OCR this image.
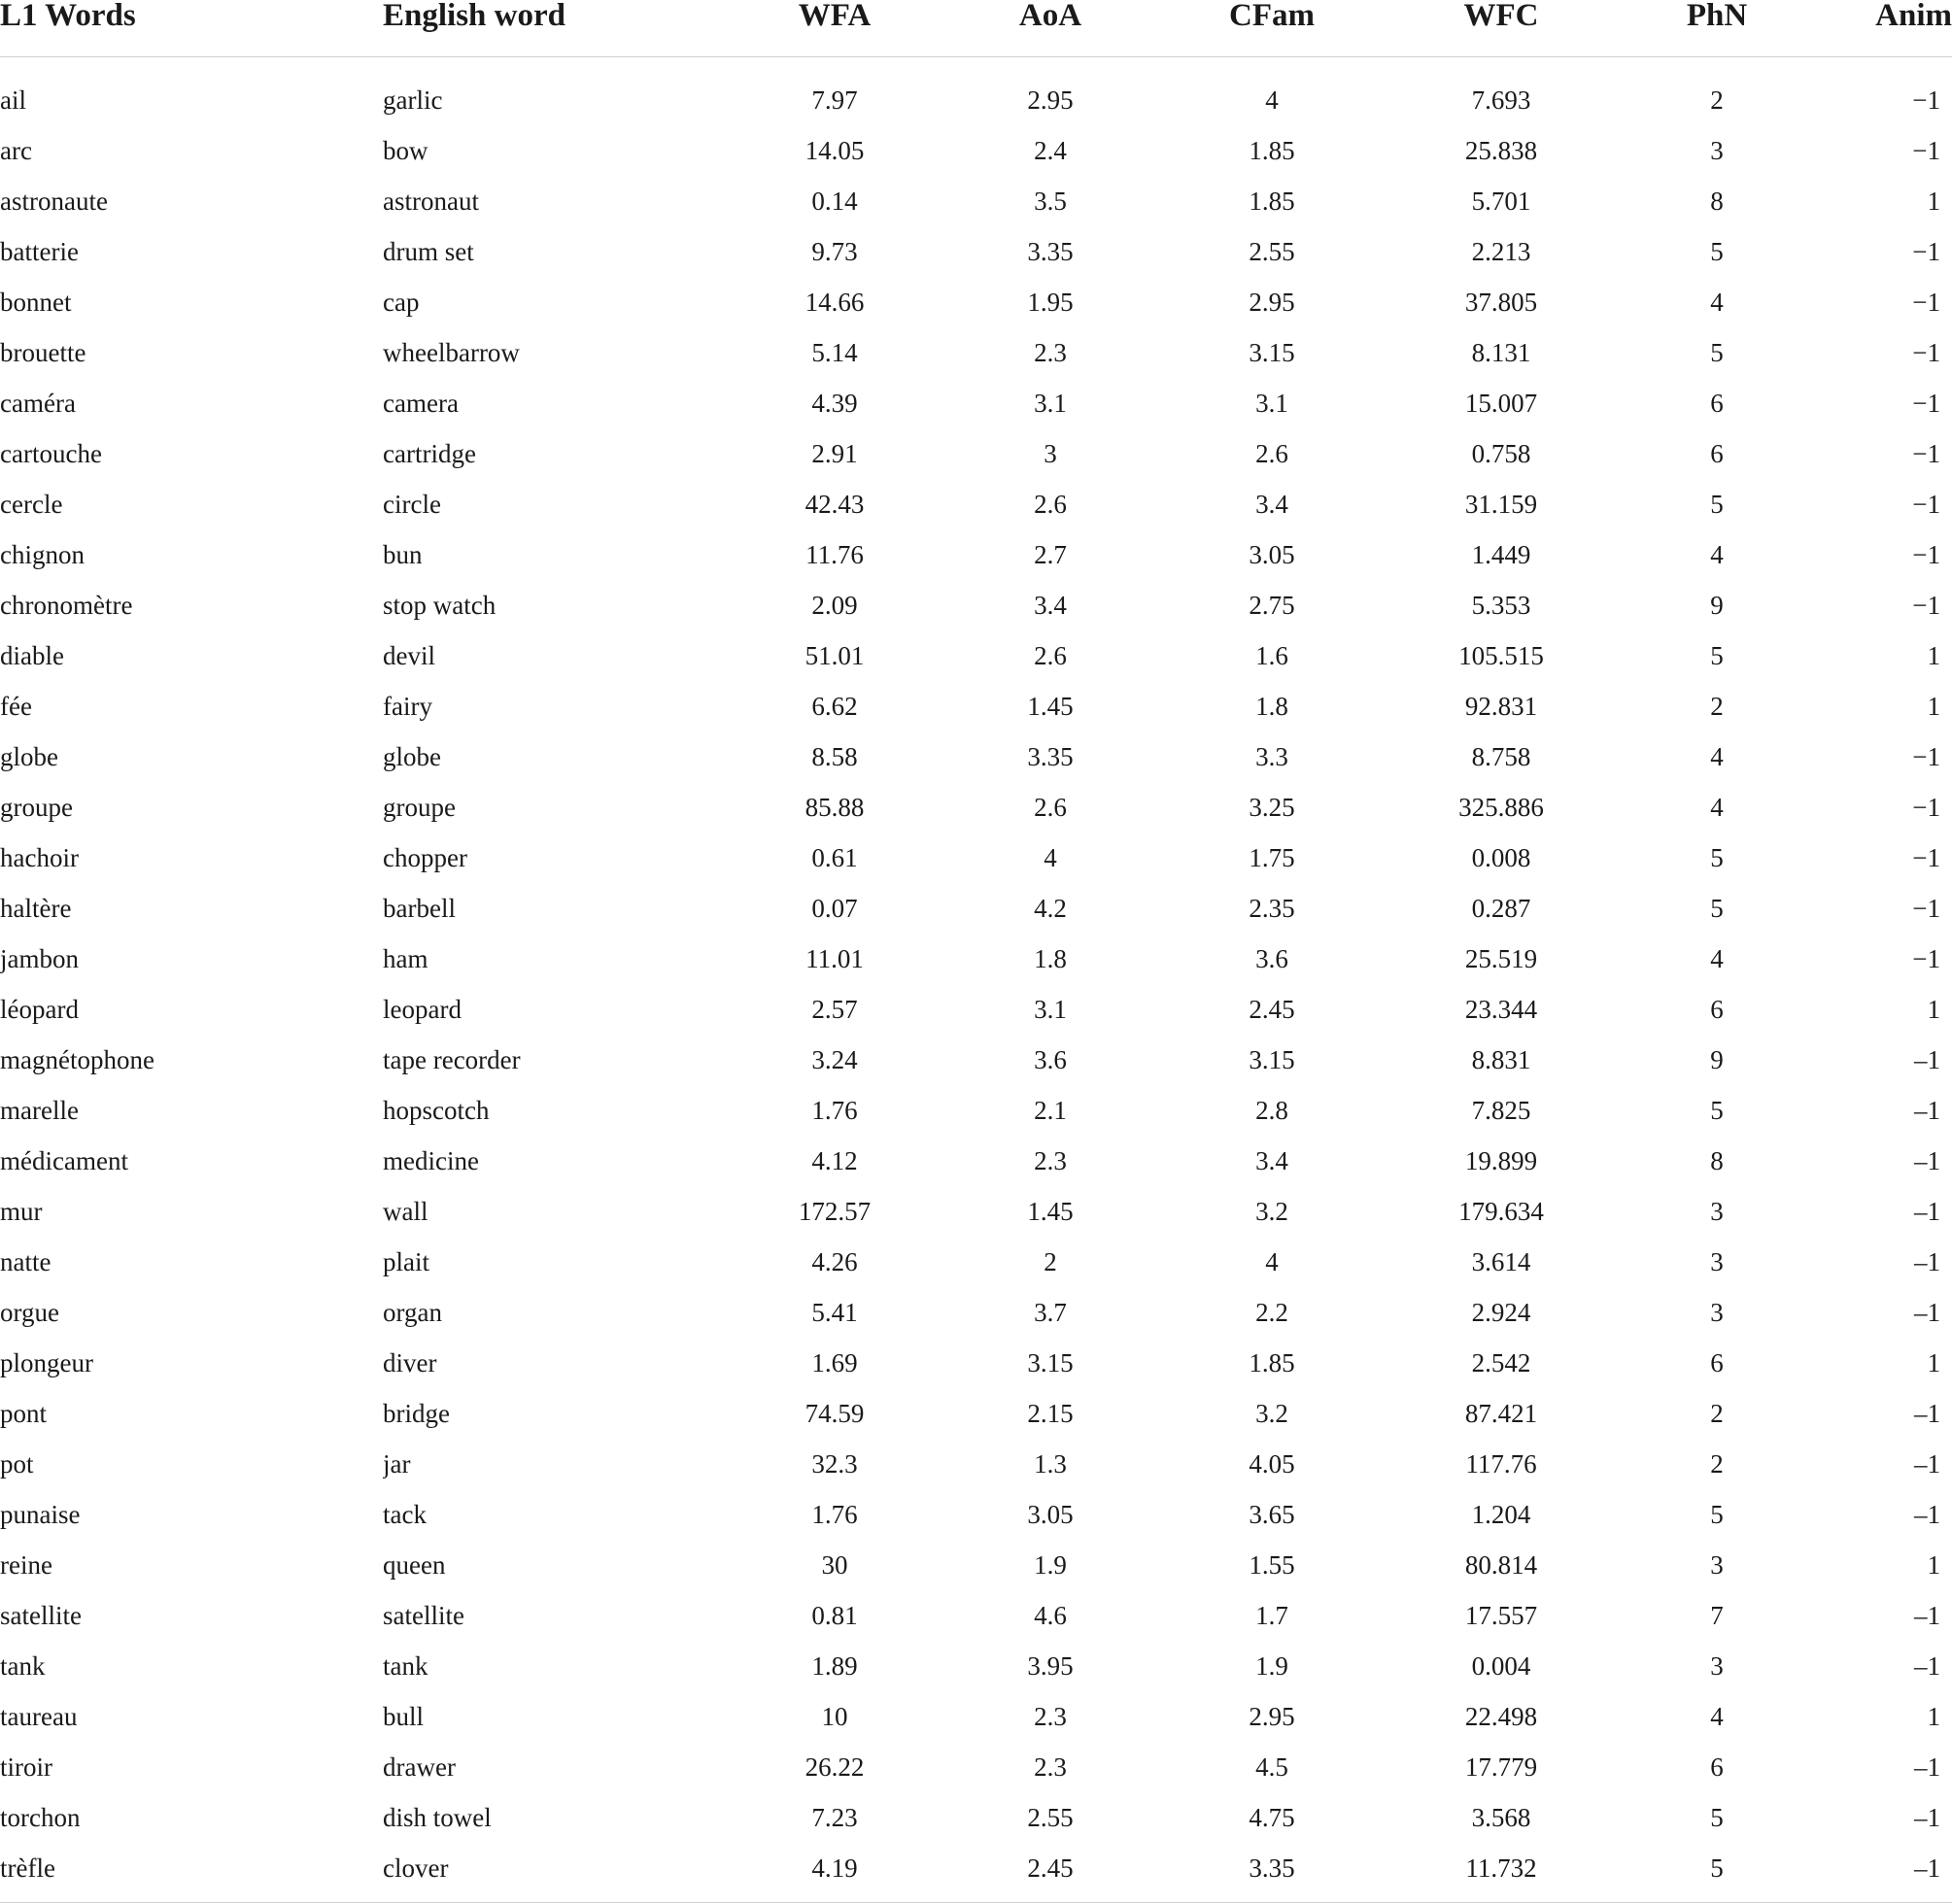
L1 Words	English word	WFA	AoA	CFam	WFC	PhN	Anim

ail	garlic	7.97	2.95	4	7.693	2	−1
arc	bow	14.05	2.4	1.85	25.838	3	−1
astronaute	astronaut	0.14	3.5	1.85	5.701	8	1
batterie	drum set	9.73	3.35	2.55	2.213	5	−1
bonnet	cap	14.66	1.95	2.95	37.805	4	−1
brouette	wheelbarrow	5.14	2.3	3.15	8.131	5	−1
caméra	camera	4.39	3.1	3.1	15.007	6	−1
cartouche	cartridge	2.91	3	2.6	0.758	6	−1
cercle	circle	42.43	2.6	3.4	31.159	5	−1
chignon	bun	11.76	2.7	3.05	1.449	4	−1
chronomètre	stop watch	2.09	3.4	2.75	5.353	9	−1
diable	devil	51.01	2.6	1.6	105.515	5	1
fée	fairy	6.62	1.45	1.8	92.831	2	1
globe	globe	8.58	3.35	3.3	8.758	4	−1
groupe	groupe	85.88	2.6	3.25	325.886	4	−1
hachoir	chopper	0.61	4	1.75	0.008	5	−1
haltère	barbell	0.07	4.2	2.35	0.287	5	−1
jambon	ham	11.01	1.8	3.6	25.519	4	−1
léopard	leopard	2.57	3.1	2.45	23.344	6	1
magnétophone	tape recorder	3.24	3.6	3.15	8.831	9	–1
marelle	hopscotch	1.76	2.1	2.8	7.825	5	–1
médicament	medicine	4.12	2.3	3.4	19.899	8	–1
mur	wall	172.57	1.45	3.2	179.634	3	–1
natte	plait	4.26	2	4	3.614	3	–1
orgue	organ	5.41	3.7	2.2	2.924	3	–1
plongeur	diver	1.69	3.15	1.85	2.542	6	1
pont	bridge	74.59	2.15	3.2	87.421	2	–1
pot	jar	32.3	1.3	4.05	117.76	2	–1
punaise	tack	1.76	3.05	3.65	1.204	5	–1
reine	queen	30	1.9	1.55	80.814	3	1
satellite	satellite	0.81	4.6	1.7	17.557	7	–1
tank	tank	1.89	3.95	1.9	0.004	3	–1
taureau	bull	10	2.3	2.95	22.498	4	1
tiroir	drawer	26.22	2.3	4.5	17.779	6	–1
torchon	dish towel	7.23	2.55	4.75	3.568	5	–1
trèfle	clover	4.19	2.45	3.35	11.732	5	–1
